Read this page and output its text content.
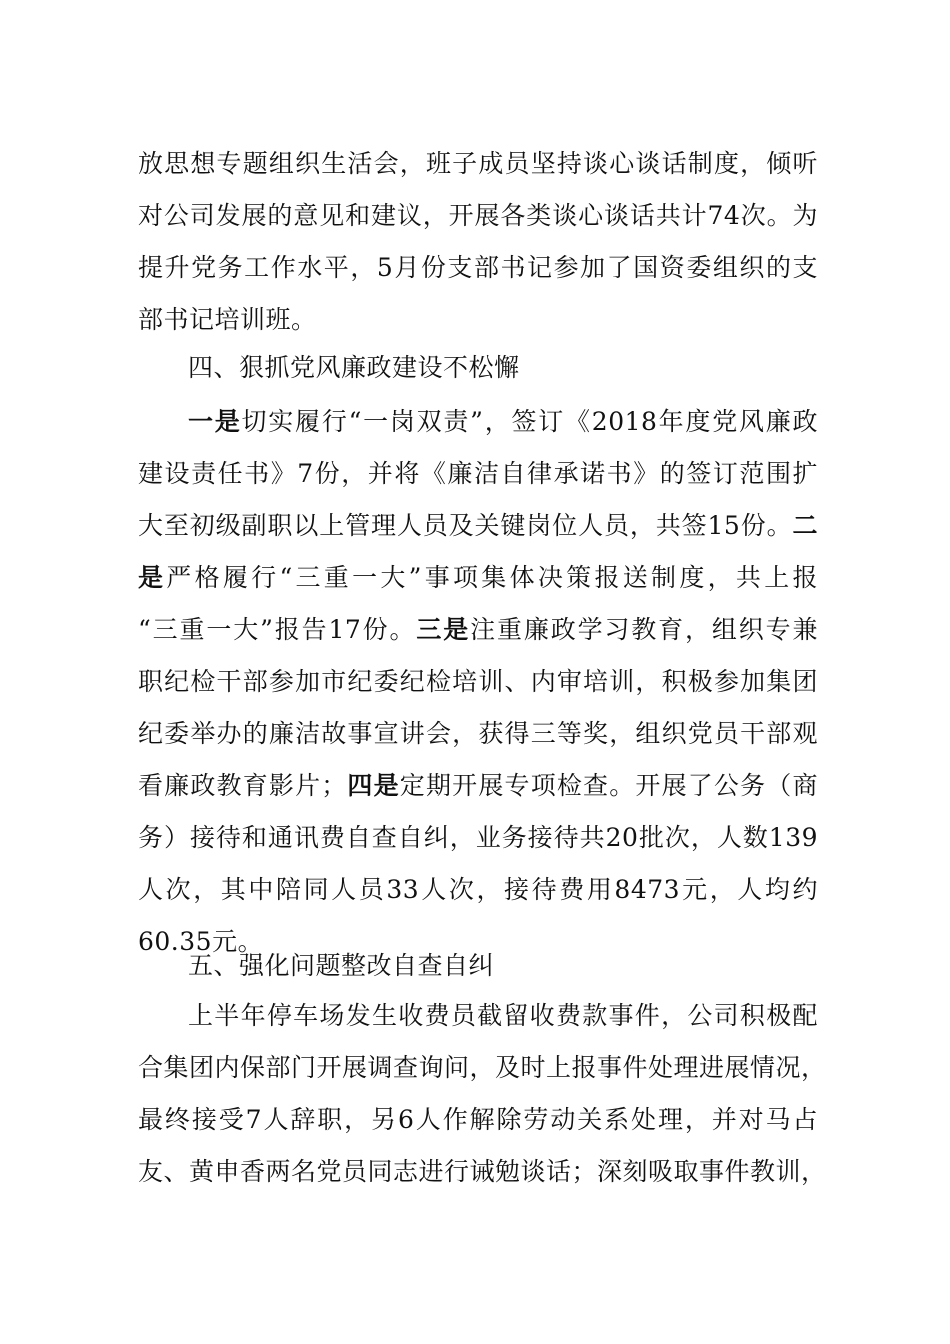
放思想专题组织生活会，班子成员坚持谈心谈话制度，倾听
对公司发展的意见和建议，开展各类谈心谈话共计74次。为
提升党务工作水平，5月份支部书记参加了国资委组织的支
部书记培训班。
四、狠抓党风廉政建设不松懈
一是切实履行“一岗双责”，签订《2018年度党风廉政
建设责任书》7份，并将《廉洁自律承诺书》的签订范围扩
大至初级副职以上管理人员及关键岗位人员，共签15份。二
是严格履行“三重一大”事项集体决策报送制度，共上报
“三重一大”报告17份。三是注重廉政学习教育，组织专兼
职纪检干部参加市纪委纪检培训、内审培训，积极参加集团
纪委举办的廉洁故事宣讲会，获得三等奖，组织党员干部观
看廉政教育影片；四是定期开展专项检查。开展了公务（商
务）接待和通讯费自查自纠，业务接待共20批次，人数139
人次，其中陪同人员33人次，接待费用8473元，人均约
60.35元。
五、强化问题整改自查自纠
上半年停车场发生收费员截留收费款事件，公司积极配
合集团内保部门开展调查询问，及时上报事件处理进展情况，
最终接受7人辞职，另6人作解除劳动关系处理，并对马占
友、黄申香两名党员同志进行诫勉谈话；深刻吸取事件教训，
